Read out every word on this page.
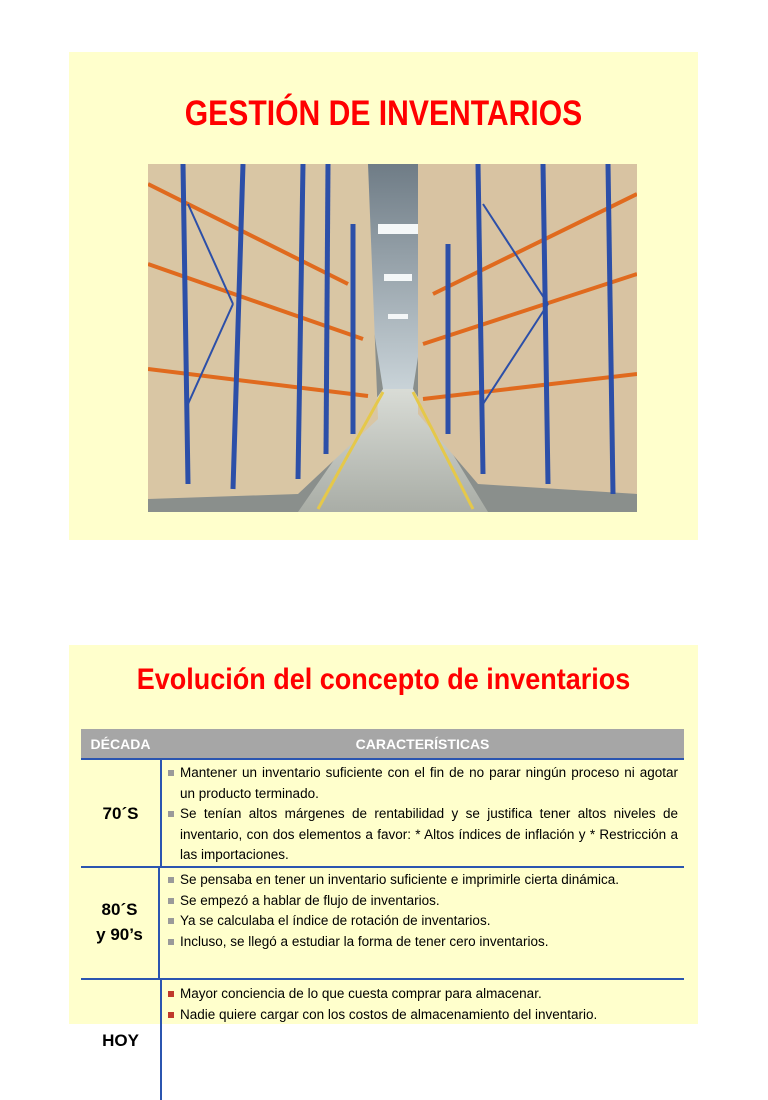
GESTIÓN DE INVENTARIOS
Evolución del concepto de inventarios
DÉCADA	CARACTERÍSTICAS
70´S
Mantener un inventario suficiente con el fin de no parar ningún proceso ni agotar un producto terminado.
Se tenían altos márgenes de rentabilidad y se justifica tener altos niveles de inventario, con dos elementos a favor: * Altos índices de inflación y * Restricción a las importaciones.
80´S y 90’s
Se pensaba en tener un inventario suficiente e imprimirle cierta dinámica.
Se empezó a hablar de flujo de inventarios.
Ya se calculaba el índice de rotación de inventarios.
Incluso, se llegó a estudiar la forma de tener cero inventarios.
HOY
Mayor conciencia de lo que cuesta comprar para almacenar.
Nadie quiere cargar con los costos de almacenamiento del inventario.
